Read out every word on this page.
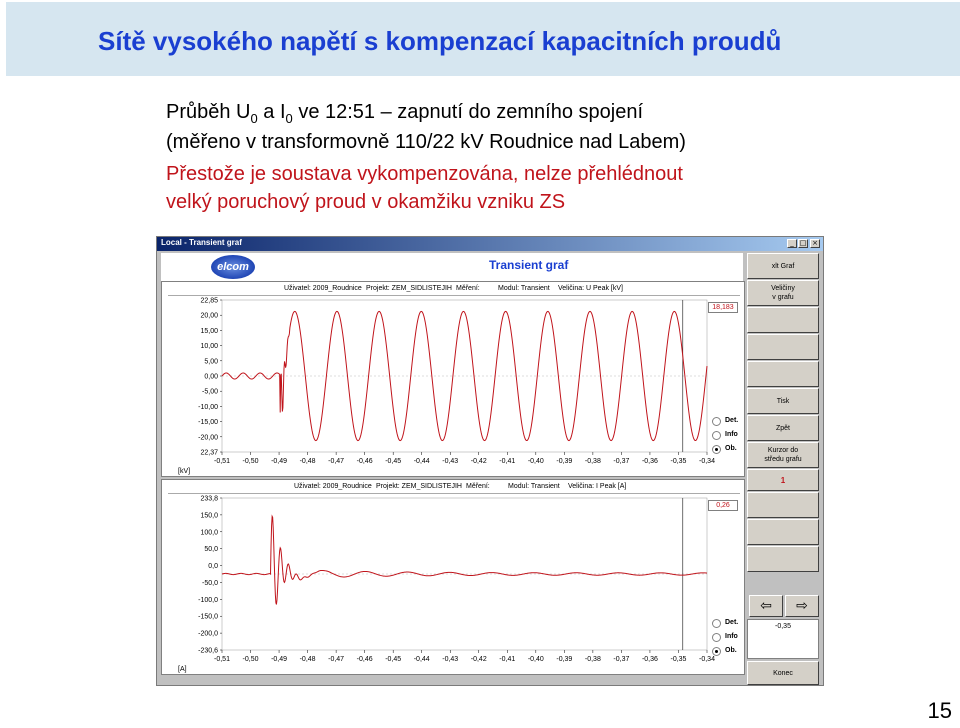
Sítě vysokého napětí s kompenzací kapacitních proudů
Průběh $U_0$ a $I_0$ ve 12:51 – zapnutí do zemního spojení
(měřeno v transformovně 110/22 kV Roudnice nad Labem)
Přestože je soustava vykompenzována, nelze přehlédnout
velký poruchový proud v okamžiku vzniku ZS
Local - Transient graf	_ □ ×
elcom	Transient graf
Uživatel: 2009_Roudnice Projekt: ZEM_SIDLISTEJIH Měření:	Modul: Transient Veličina: U Peak [kV]
22,85
20,00
15,00
10,00
5,00
0,00
-5,00
-10,00
-15,00
-20,00
22,37
-0,51 -0,50 -0,49 -0,48 -0,47 -0,46 -0,45 -0,44 -0,43 -0,42 -0,41 -0,40 -0,39 -0,38 -0,37 -0,36 -0,35 -0,34
18,183
[kV]
Det.
Info
Ob.
Uživatel: 2009_Roudnice Projekt: ZEM_SIDLISTEJIH Měření:	Modul: Transient Veličina: I Peak [A]
233,8
150,0
100,0
50,0
0,0
-50,0
-100,0
-150,0
-200,0
-230,6
-0,51 -0,50 -0,49 -0,48 -0,47 -0,46 -0,45 -0,44 -0,43 -0,42 -0,41 -0,40 -0,39 -0,38 -0,37 -0,36 -0,35 -0,34
0,26
[A]
Det.
Info
Ob.
xlt Graf
Veličiny
v grafu
Tisk
Zpět
Kurzor do
středu grafu
1
⇦	⇨
-0,35
Konec
15
